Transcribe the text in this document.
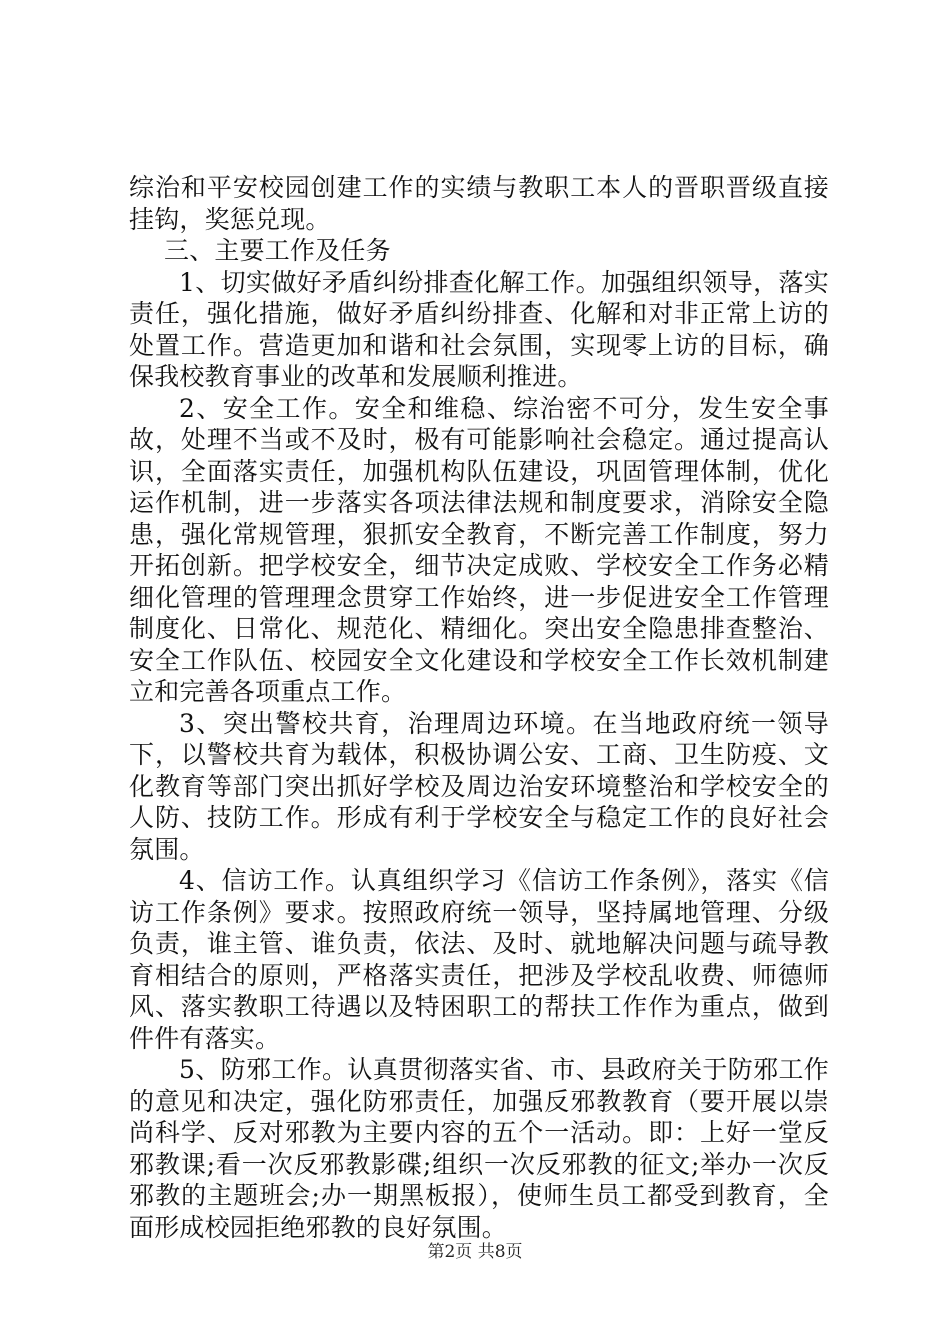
综治和平安校园创建工作的实绩与教职工本人的晋职晋级直接挂钩，奖惩兑现。

三、主要工作及任务

1、切实做好矛盾纠纷排查化解工作。加强组织领导，落实责任，强化措施，做好矛盾纠纷排查、化解和对非正常上访的处置工作。营造更加和谐和社会氛围，实现零上访的目标，确保我校教育事业的改革和发展顺利推进。

2、安全工作。安全和维稳、综治密不可分，发生安全事故，处理不当或不及时，极有可能影响社会稳定。通过提高认识，全面落实责任，加强机构队伍建设，巩固管理体制，优化运作机制，进一步落实各项法律法规和制度要求，消除安全隐患，强化常规管理，狠抓安全教育，不断完善工作制度，努力开拓创新。把学校安全，细节决定成败、学校安全工作务必精细化管理的管理理念贯穿工作始终，进一步促进安全工作管理制度化、日常化、规范化、精细化。突出安全隐患排查整治、安全工作队伍、校园安全文化建设和学校安全工作长效机制建立和完善各项重点工作。

3、突出警校共育，治理周边环境。在当地政府统一领导下，以警校共育为载体，积极协调公安、工商、卫生防疫、文化教育等部门突出抓好学校及周边治安环境整治和学校安全的人防、技防工作。形成有利于学校安全与稳定工作的良好社会氛围。

4、信访工作。认真组织学习《信访工作条例》，落实《信访工作条例》要求。按照政府统一领导，坚持属地管理、分级负责，谁主管、谁负责，依法、及时、就地解决问题与疏导教育相结合的原则，严格落实责任，把涉及学校乱收费、师德师风、落实教职工待遇以及特困职工的帮扶工作作为重点，做到件件有落实。

5、防邪工作。认真贯彻落实省、市、县政府关于防邪工作的意见和决定，强化防邪责任，加强反邪教教育（要开展以崇尚科学、反对邪教为主要内容的五个一活动。即：上好一堂反邪教课;看一次反邪教影碟;组织一次反邪教的征文;举办一次反邪教的主题班会;办一期黑板报），使师生员工都受到教育，全面形成校园拒绝邪教的良好氛围。

第2页 共8页
